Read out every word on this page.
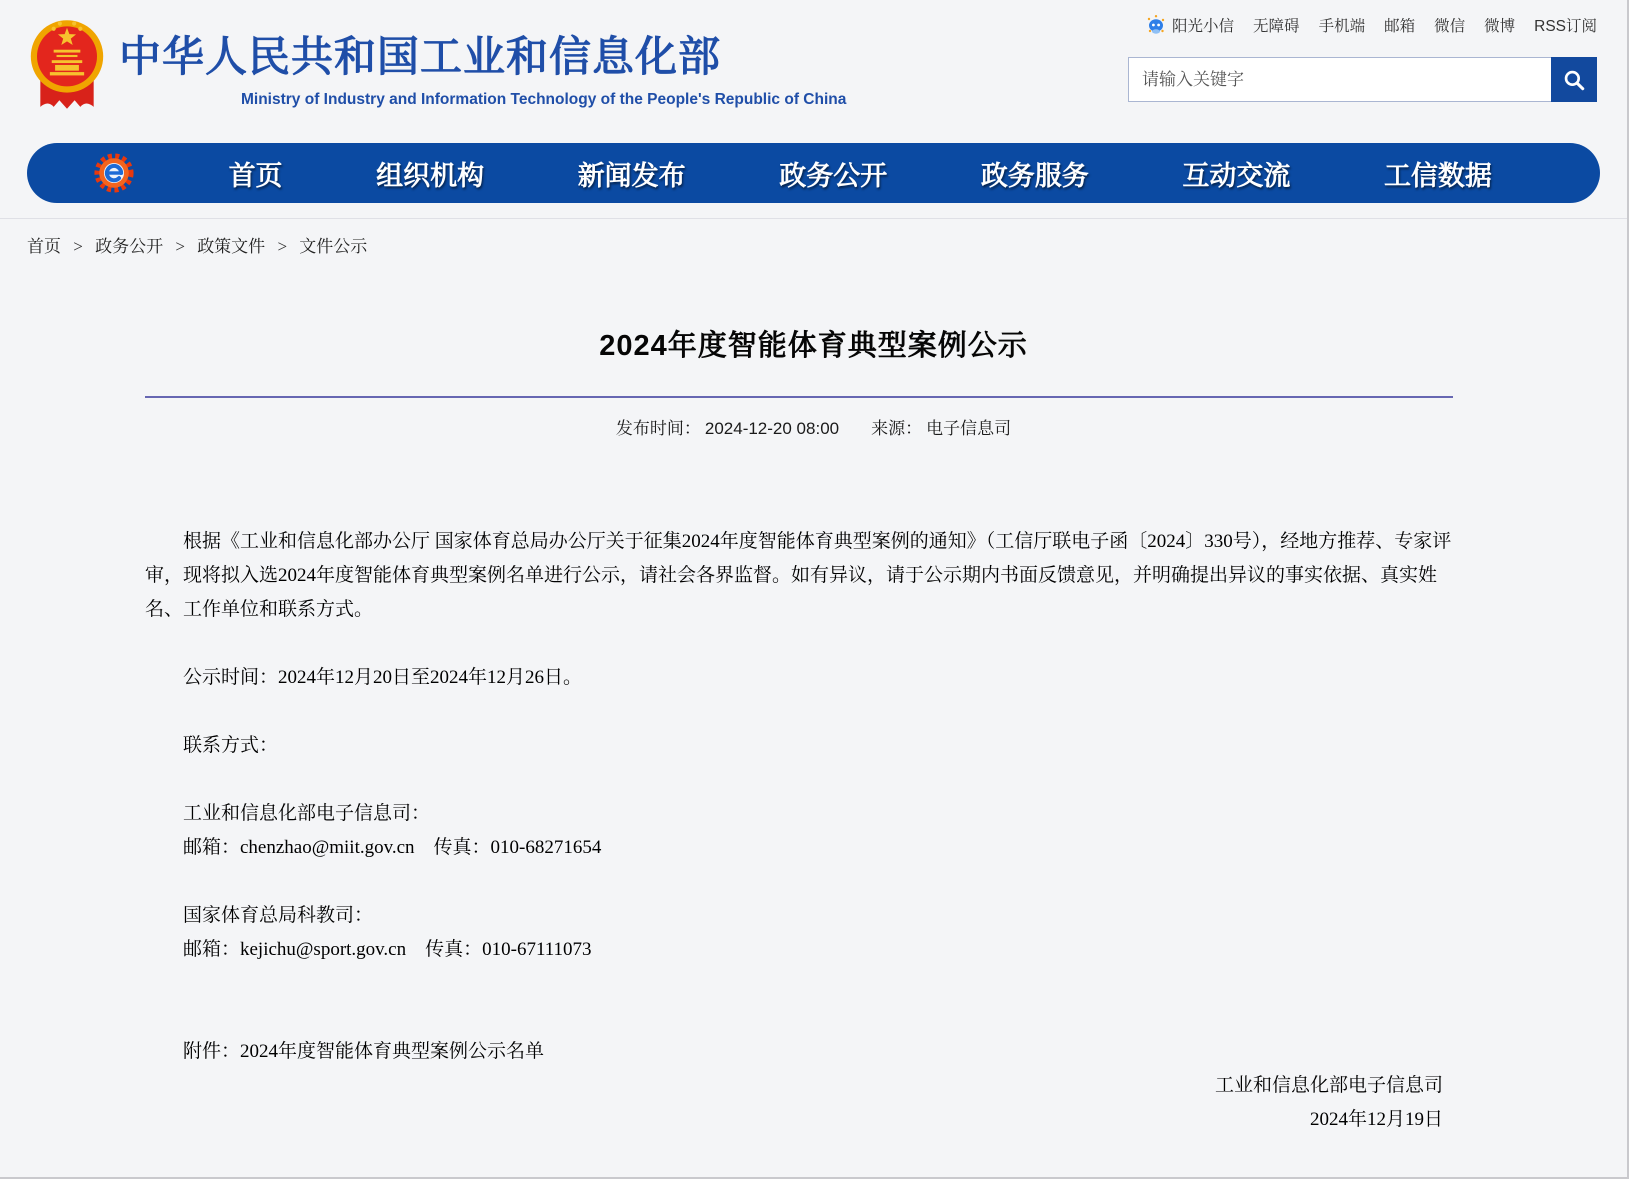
中华人民共和国工业和信息化部
Ministry of Industry and Information Technology of the People's Republic of China
阳光小信 无障碍 手机端 邮箱 微信 微博 RSS订阅
请输入关键字
首页	组织机构	新闻发布	政务公开	政务服务	互动交流	工信数据
首页 > 政务公开 > 政策文件 > 文件公示
2024年度智能体育典型案例公示
发布时间： 2024-12-20 08:00 来源： 电子信息司

根据《工业和信息化部办公厅 国家体育总局办公厅关于征集2024年度智能体育典型案例的通知》（工信厅联电子函〔2024〕330号），经地方推荐、专家评审，现将拟入选2024年度智能体育典型案例名单进行公示，请社会各界监督。如有异议，请于公示期内书面反馈意见，并明确提出异议的事实依据、真实姓名、工作单位和联系方式。

公示时间：2024年12月20日至2024年12月26日。

联系方式：

工业和信息化部电子信息司：

邮箱：chenzhao@miit.gov.cn　传真：010-68271654

国家体育总局科教司：

邮箱：kejichu@sport.gov.cn　传真：010-67111073

附件：2024年度智能体育典型案例公示名单

工业和信息化部电子信息司
2024年12月19日
